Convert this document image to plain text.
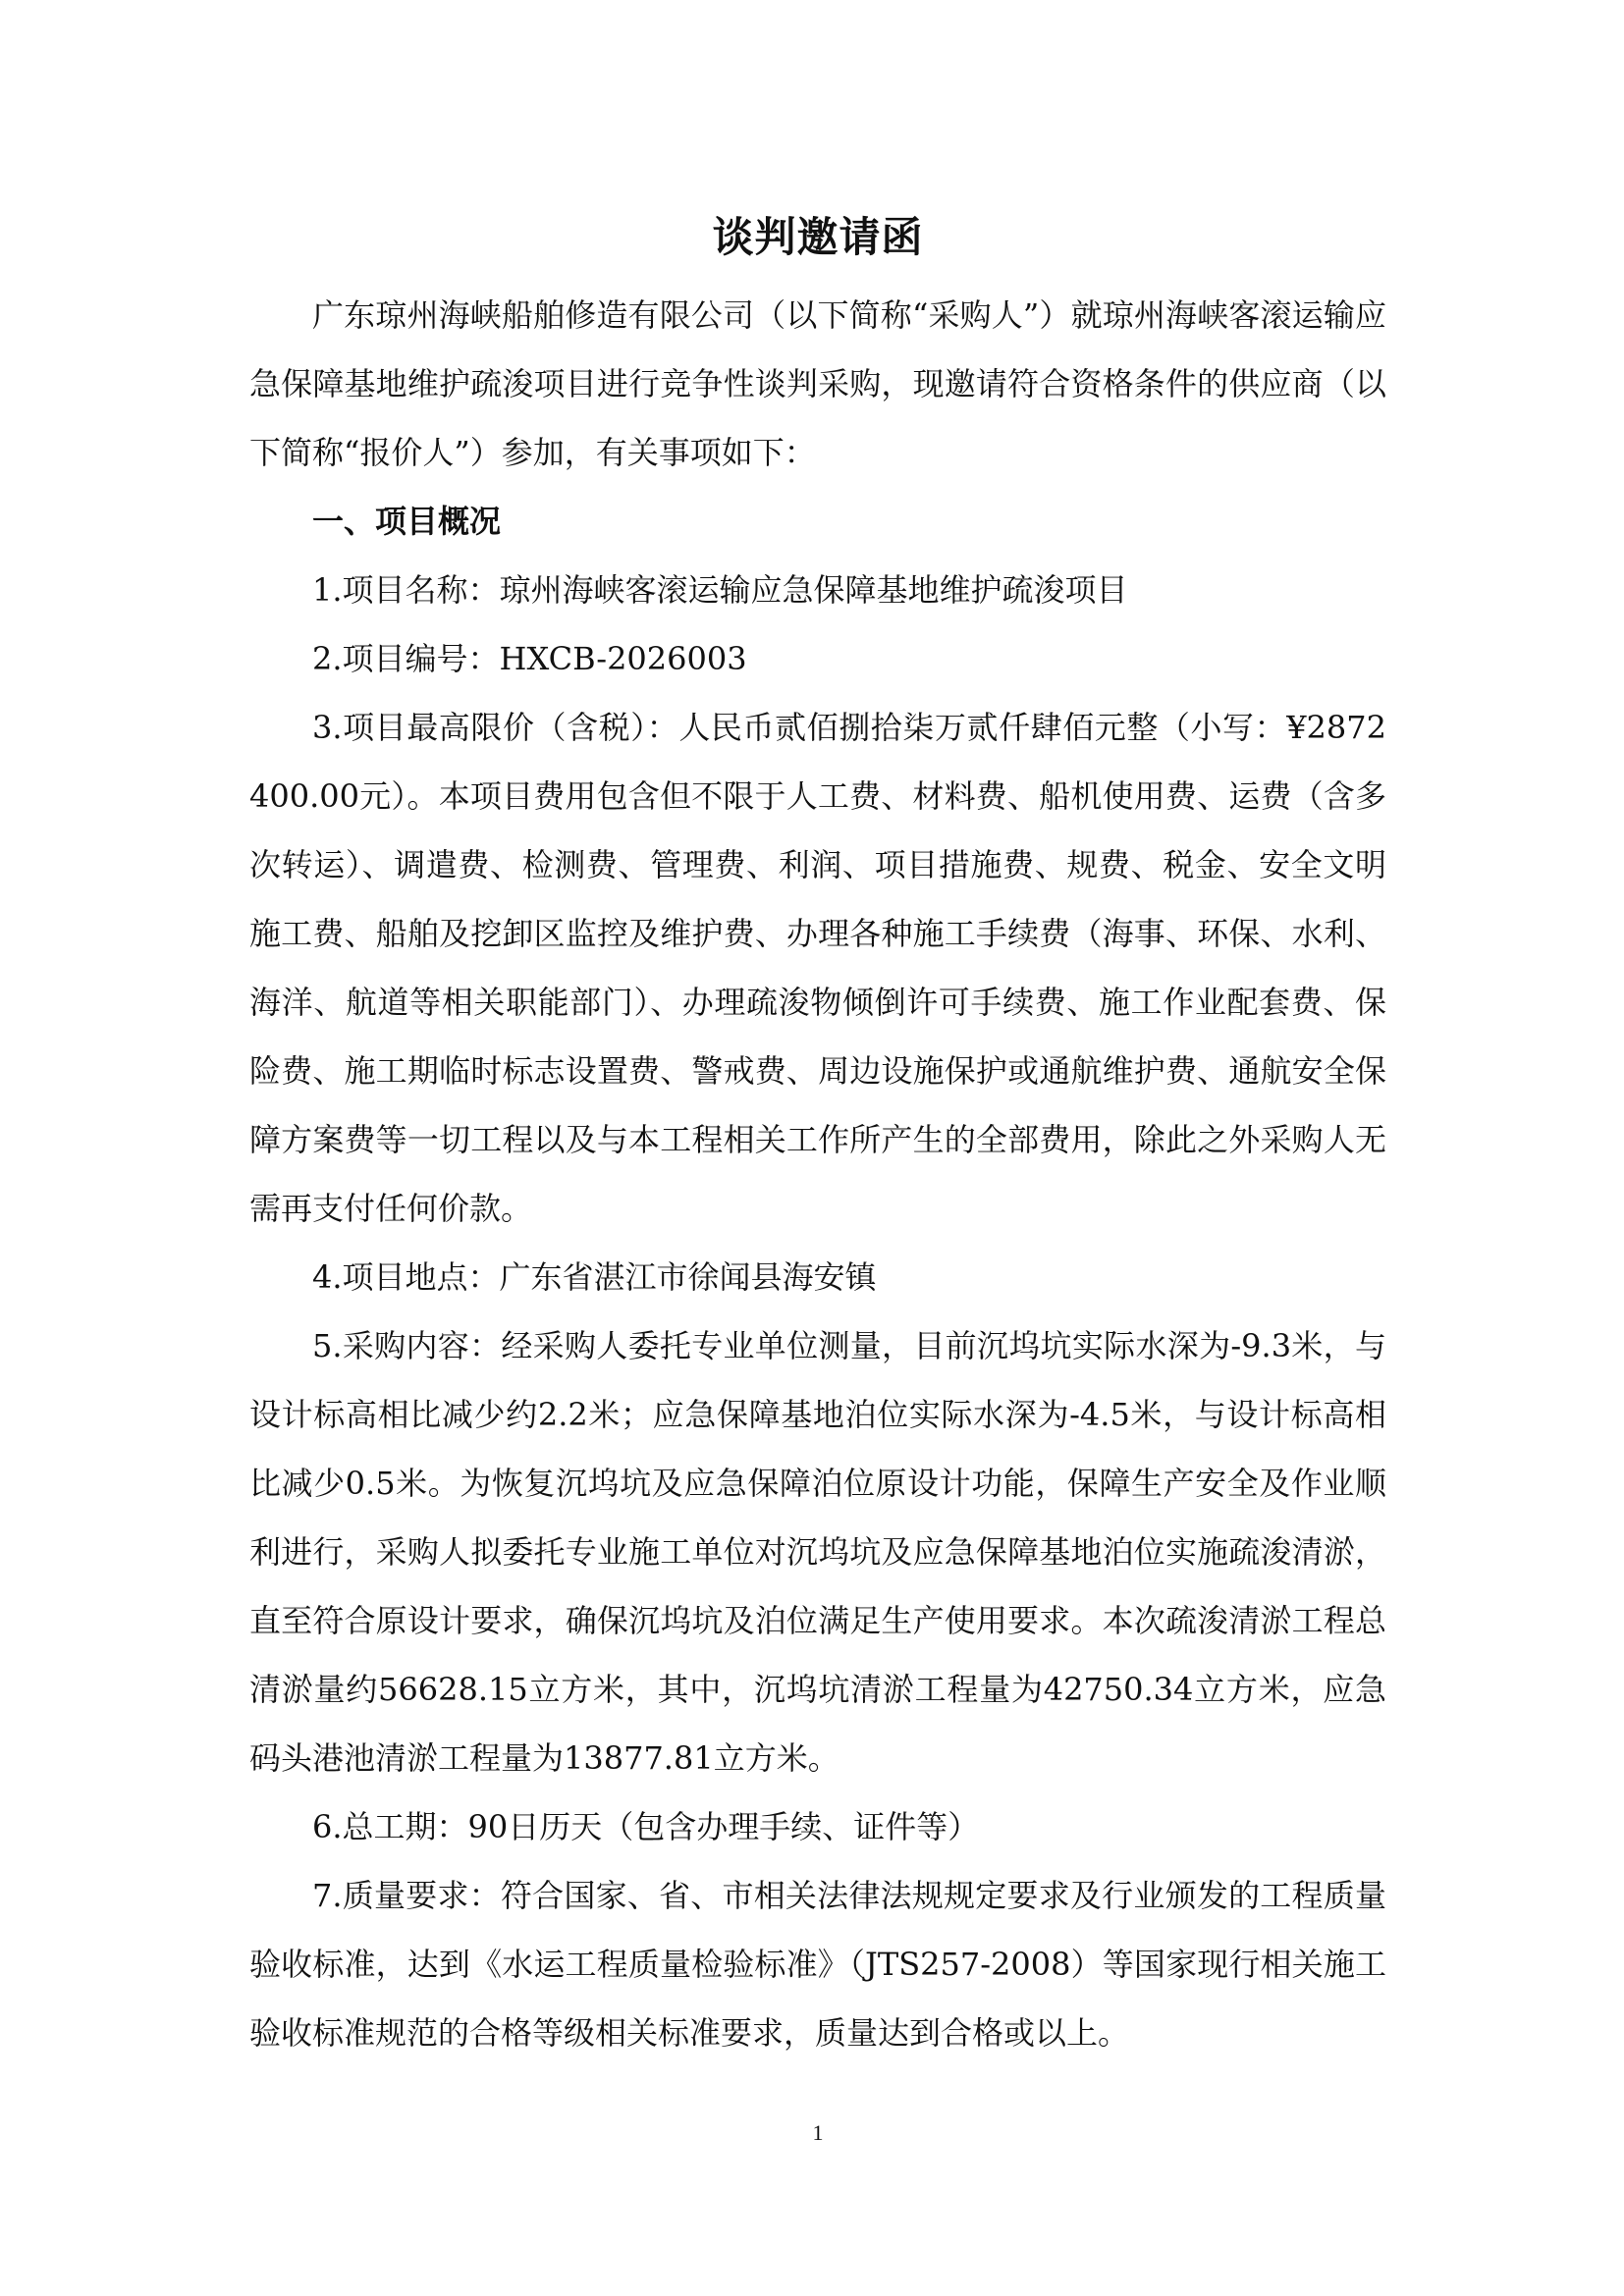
谈判邀请函

广东琼州海峡船舶修造有限公司（以下简称“采购人”）就琼州海峡客滚运输应急保障基地维护疏浚项目进行竞争性谈判采购，现邀请符合资格条件的供应商（以下简称“报价人”）参加，有关事项如下：

一、项目概况

1.项目名称：琼州海峡客滚运输应急保障基地维护疏浚项目

2.项目编号：HXCB-2026003

3.项目最高限价（含税）：人民币贰佰捌拾柒万贰仟肆佰元整（小写：¥2872400.00元）。本项目费用包含但不限于人工费、材料费、船机使用费、运费（含多次转运）、调遣费、检测费、管理费、利润、项目措施费、规费、税金、安全文明施工费、船舶及挖卸区监控及维护费、办理各种施工手续费（海事、环保、水利、海洋、航道等相关职能部门）、办理疏浚物倾倒许可手续费、施工作业配套费、保险费、施工期临时标志设置费、警戒费、周边设施保护或通航维护费、通航安全保障方案费等一切工程以及与本工程相关工作所产生的全部费用，除此之外采购人无需再支付任何价款。

4.项目地点：广东省湛江市徐闻县海安镇

5.采购内容：经采购人委托专业单位测量，目前沉坞坑实际水深为-9.3米，与设计标高相比减少约2.2米；应急保障基地泊位实际水深为-4.5米，与设计标高相比减少0.5米。为恢复沉坞坑及应急保障泊位原设计功能，保障生产安全及作业顺利进行，采购人拟委托专业施工单位对沉坞坑及应急保障基地泊位实施疏浚清淤，直至符合原设计要求，确保沉坞坑及泊位满足生产使用要求。本次疏浚清淤工程总清淤量约56628.15立方米，其中，沉坞坑清淤工程量为42750.34立方米，应急码头港池清淤工程量为13877.81立方米。

6.总工期：90日历天（包含办理手续、证件等）

7.质量要求：符合国家、省、市相关法律法规规定要求及行业颁发的工程质量验收标准，达到《水运工程质量检验标准》（JTS257-2008）等国家现行相关施工验收标准规范的合格等级相关标准要求，质量达到合格或以上。

1
